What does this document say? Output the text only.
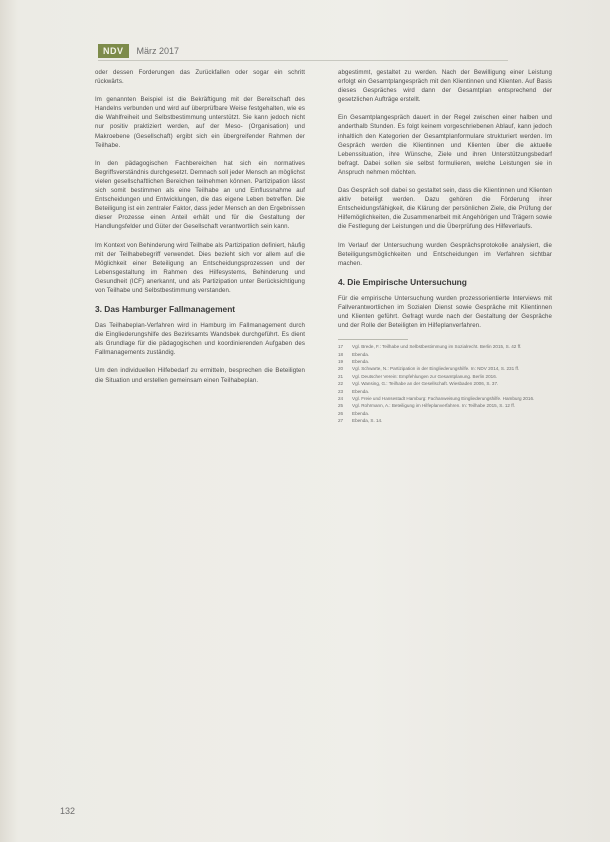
NDV	März 2017

oder dessen Forderungen das Zurückfallen oder sogar ein schritt rückwärts.

Im genannten Beispiel ist die Bekräftigung mit der Bereitschaft des Handelns verbunden und wird auf überprüfbare Weise festgehalten, wie es die Wahlfreiheit und Selbstbestimmung unterstützt. Sie kann jedoch nicht nur positiv praktiziert werden, auf der Meso- (Organisation) und Makroebene (Gesellschaft) ergibt sich ein übergreifender Rahmen der Teilhabe.

In den pädagogischen Fachbereichen hat sich ein normatives Begriffsverständnis durchgesetzt. Demnach soll jeder Mensch an möglichst vielen gesellschaftlichen Bereichen teilnehmen können. Partizipation lässt sich somit bestimmen als eine Teilhabe an und Einflussnahme auf Entscheidungen und Entwicklungen, die das eigene Leben betreffen. Die Beteiligung ist ein zentraler Faktor, dass jeder Mensch an den Ergebnissen dieser Prozesse einen Anteil erhält und für die Gestaltung der Handlungsfelder und Güter der Gesellschaft verantwortlich sein kann.

Im Kontext von Behinderung wird Teilhabe als Partizipation definiert, häufig mit der Teilhabebegriff verwendet. Dies bezieht sich vor allem auf die Möglichkeit einer Beteiligung an Entscheidungsprozessen und der Lebensgestaltung im Rahmen des Hilfesystems, Behinderung und Gesundheit (ICF) anerkannt, und als Partizipation unter Berücksichtigung von Teilhabe und Selbstbestimmung verstanden.

3. Das Hamburger Fallmanagement

Das Teilhabeplan-Verfahren wird in Hamburg im Fallmanagement durch die Eingliederungshilfe des Bezirksamts Wandsbek durchgeführt. Es dient als Grundlage für die pädagogischen und koordinierenden Aufgaben des Fallmanagements zuständig.

Um den individuellen Hilfebedarf zu ermitteln, besprechen die Beteiligten die Situation und erstellen gemeinsam einen Teilhabeplan.

abgestimmt, gestaltet zu werden. Nach der Bewilligung einer Leistung erfolgt ein Gesamtplangespräch mit den Klientinnen und Klienten. Auf Basis dieses Gespräches wird dann der Gesamtplan entsprechend der gesetzlichen Aufträge erstellt.

Ein Gesamtplangespräch dauert in der Regel zwischen einer halben und anderthalb Stunden. Es folgt keinem vorgeschriebenen Ablauf, kann jedoch inhaltlich den Kategorien der Gesamtplanformulare strukturiert werden. Im Gespräch werden die Klientinnen und Klienten über die aktuelle Lebenssituation, ihre Wünsche, Ziele und ihren Unterstützungsbedarf befragt. Dabei sollen sie selbst formulieren, welche Leistungen sie in Anspruch nehmen möchten.

Das Gespräch soll dabei so gestaltet sein, dass die Klientinnen und Klienten aktiv beteiligt werden. Dazu gehören die Förderung ihrer Entscheidungsfähigkeit, die Klärung der persönlichen Ziele, die Prüfung der Hilfemöglichkeiten, die Zusammenarbeit mit Angehörigen und Trägern sowie die Festlegung der Leistungen und die Überprüfung des Hilfeverlaufs.

Im Verlauf der Untersuchung wurden Gesprächsprotokolle analysiert, die Beteiligungsmöglichkeiten und Entscheidungen im Verfahren sichtbar machen.

4. Die Empirische Untersuchung

Für die empirische Untersuchung wurden prozessorientierte Interviews mit Fallverantwortlichen im Sozialen Dienst sowie Gespräche mit Klientinnen und Klienten geführt. Gefragt wurde nach der Gestaltung der Gespräche und der Rolle der Beteiligten im Hilfeplanverfahren.

17	Vgl. Brede, F.: Teilhabe und Selbstbestimmung im Sozialrecht. Berlin 2015, S. 42 ff.
18	Ebenda.
19	Ebenda.
20	Vgl. Schwarte, N.: Partizipation in der Eingliederungshilfe. In: NDV 2014, S. 231 ff.
21	Vgl. Deutscher Verein: Empfehlungen zur Gesamtplanung. Berlin 2016.
22	Vgl. Wansing, G.: Teilhabe an der Gesellschaft. Wiesbaden 2006, S. 37.
23	Ebenda.
24	Vgl. Freie und Hansestadt Hamburg: Fachanweisung Eingliederungshilfe. Hamburg 2016.
25	Vgl. Rohrmann, A.: Beteiligung im Hilfeplanverfahren. In: Teilhabe 2015, S. 12 ff.
26	Ebenda.
27	Ebenda, S. 14.
132
